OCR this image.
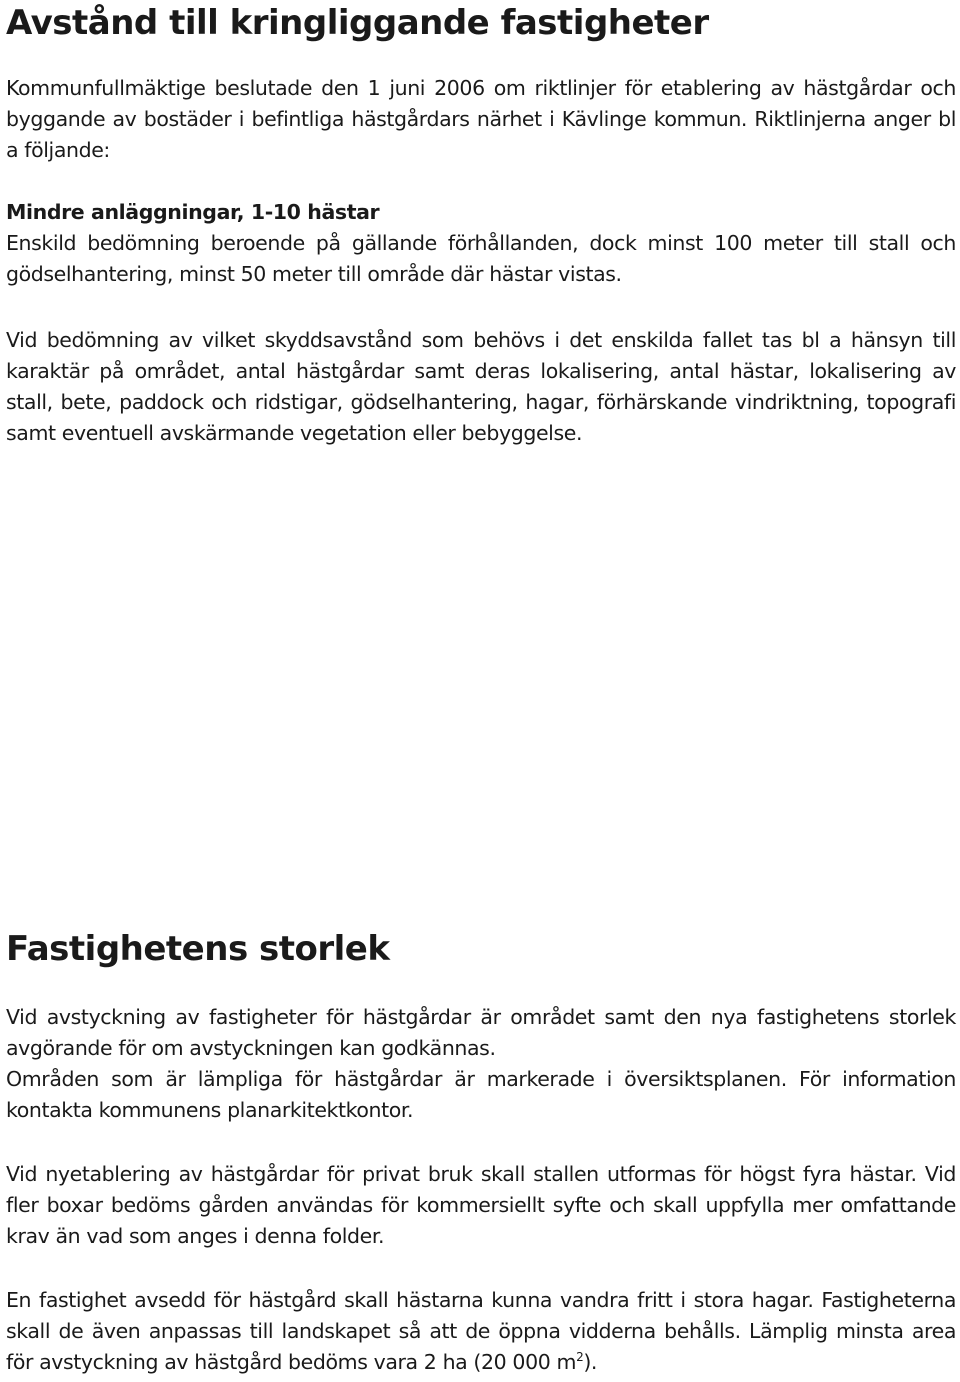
Avstånd till kringliggande fastigheter

Kommunfullmäktige beslutade den 1 juni 2006 om riktlinjer för etablering av hästgårdar och byggande av bostäder i befintliga hästgårdars närhet i Kävlinge kommun. Riktlinjerna anger bl a följande:

Mindre anläggningar, 1-10 hästar

Enskild bedömning beroende på gällande förhållanden, dock minst 100 meter till stall och gödselhantering, minst 50 meter till område där hästar vistas.

Vid bedömning av vilket skyddsavstånd som behövs i det enskilda fallet tas bl a hänsyn till karaktär på området, antal hästgårdar samt deras lokalisering, antal hästar, lokalisering av stall, bete, paddock och ridstigar, gödselhantering, hagar, förhärskande vindriktning, topografi samt eventuell avskärmande vegetation eller bebyggelse.

Fastighetens storlek

Vid avstyckning av fastigheter för hästgårdar är området samt den nya fastighetens storlek avgörande för om avstyckningen kan godkännas.

Områden som är lämpliga för hästgårdar är markerade i översiktsplanen. För information kontakta kommunens planarkitektkontor.

Vid nyetablering av hästgårdar för privat bruk skall stallen utformas för högst fyra hästar. Vid fler boxar bedöms gården användas för kommersiellt syfte och skall uppfylla mer omfattande krav än vad som anges i denna folder.

En fastighet avsedd för hästgård skall hästarna kunna vandra fritt i stora hagar. Fastigheterna skall de även anpassas till landskapet så att de öppna vidderna behålls. Lämplig minsta area för avstyckning av hästgård bedöms vara 2 ha (20 000 $m^2$).
